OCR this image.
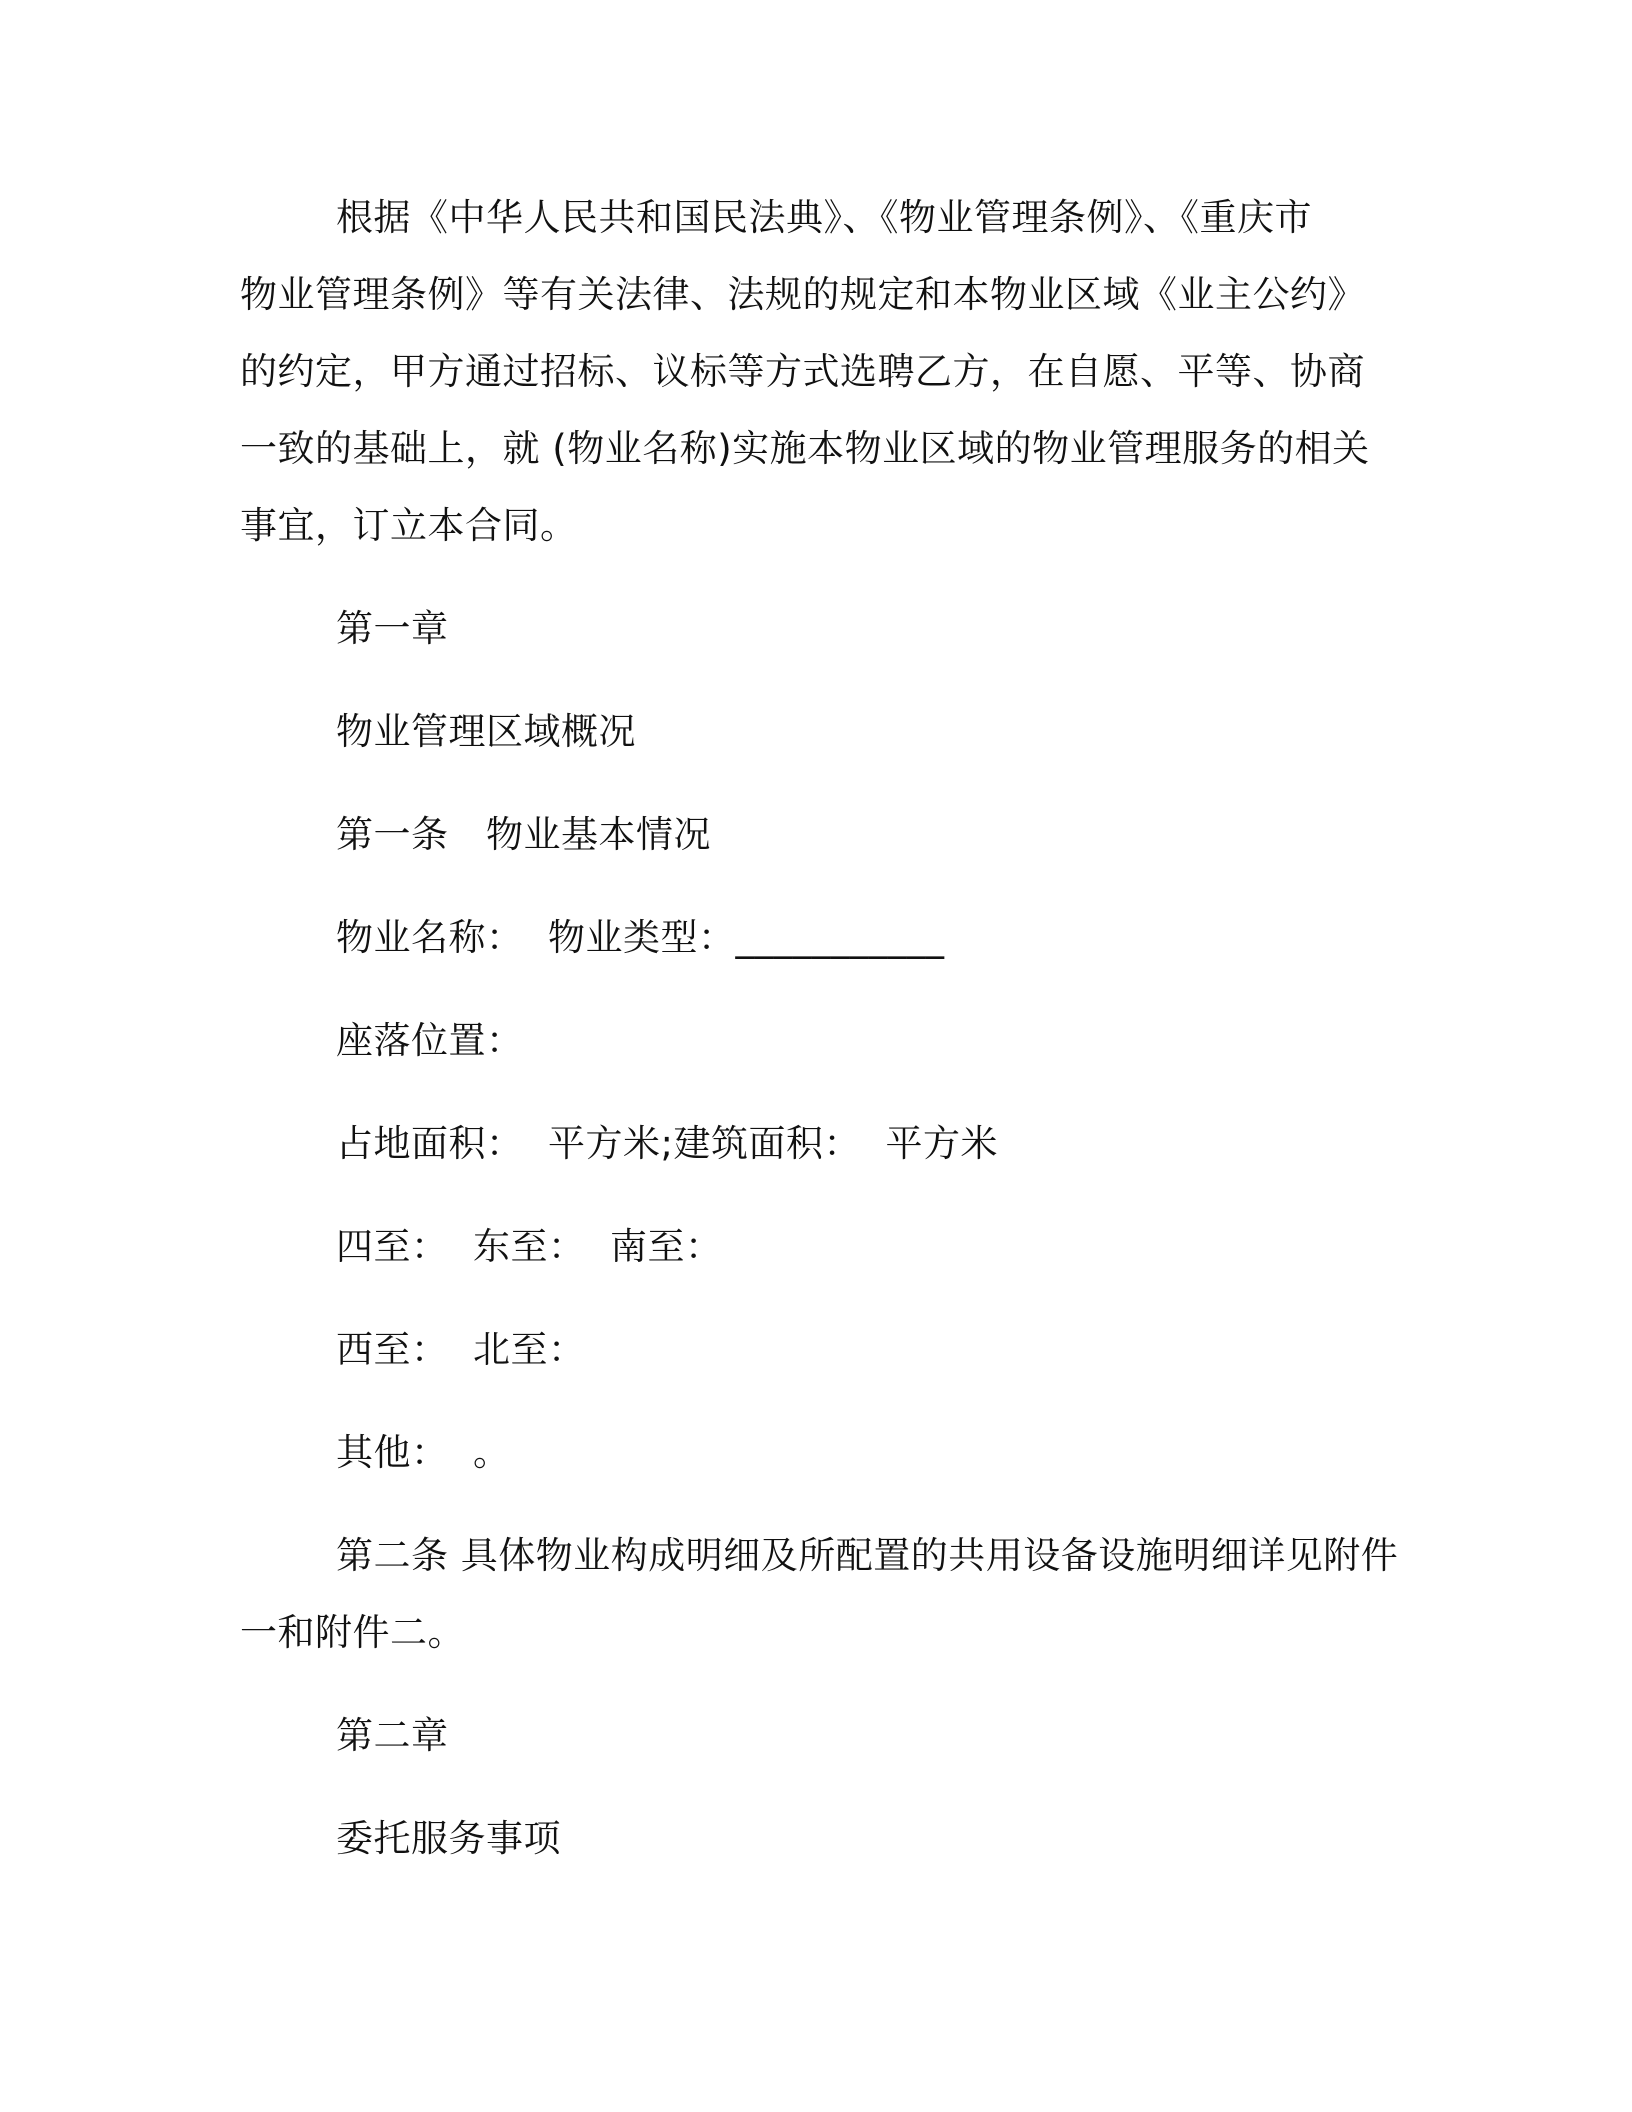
根据《中华人民共和国民法典》、《物业管理条例》、《重庆市
物业管理条例》等有关法律、法规的规定和本物业区域《业主公约》
的约定，甲方通过招标、议标等方式选聘乙方，在自愿、平等、协商
一致的基础上，就 (物业名称)实施本物业区域的物业管理服务的相关
事宜，订立本合同。
第一章
物业管理区域概况
第一条　物业基本情况
物业名称：  物业类型：___________
座落位置：
占地面积：  平方米;建筑面积：  平方米
四至：  东至：  南至：
西至：  北至：
其他：  。
第二条 具体物业构成明细及所配置的共用设备设施明细详见附件
一和附件二。
第二章
委托服务事项
